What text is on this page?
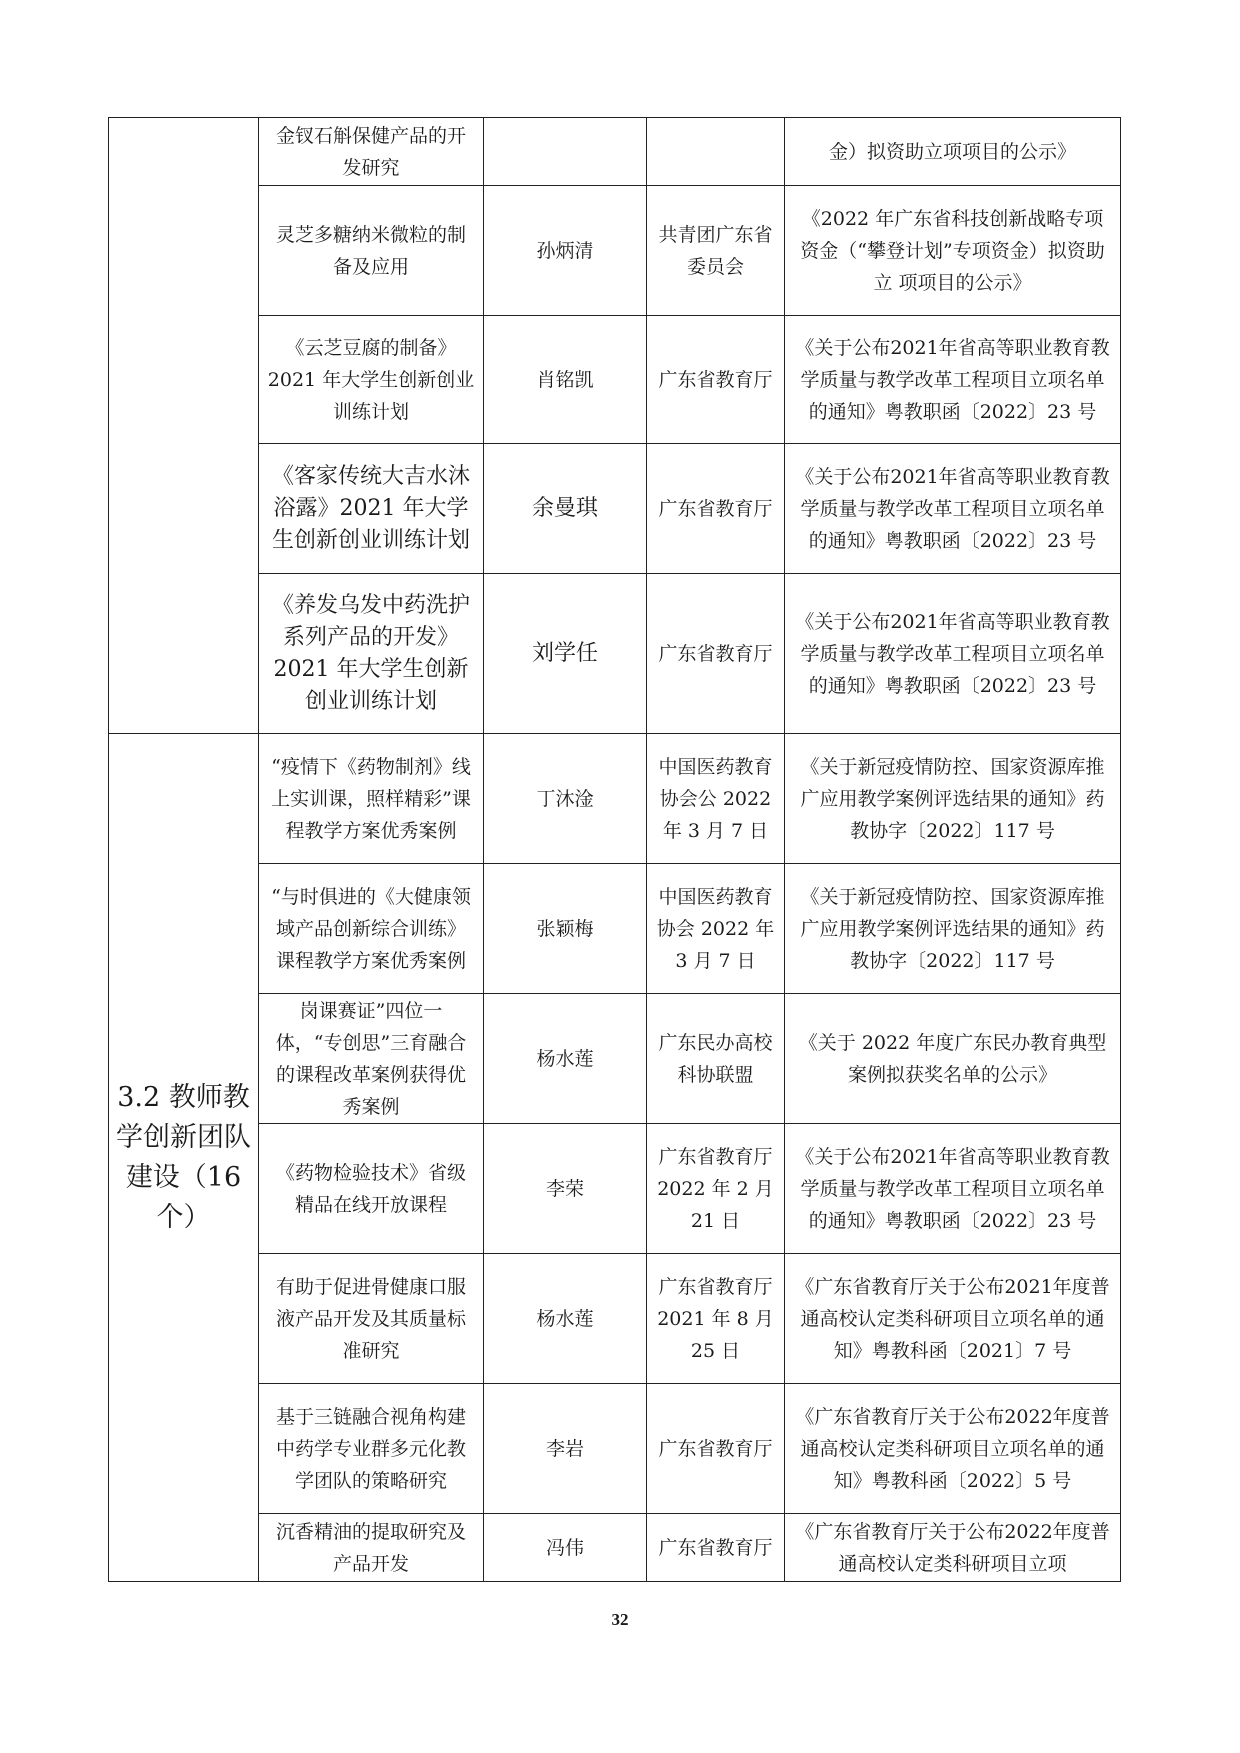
	金钗石斛保健产品的开发研究			金）拟资助立项项目的公示》
	灵芝多糖纳米微粒的制备及应用	孙炳清	共青团广东省委员会	《2022 年广东省科技创新战略专项资金（“攀登计划”专项资金）拟资助立 项项目的公示》
	《云芝豆腐的制备》2021 年大学生创新创业训练计划	肖铭凯	广东省教育厅	《关于公布2021年省高等职业教育教学质量与教学改革工程项目立项名单的通知》粤教职函〔2022〕23 号
	《客家传统大吉水沐浴露》2021 年大学生创新创业训练计划	余曼琪	广东省教育厅	《关于公布2021年省高等职业教育教学质量与教学改革工程项目立项名单的通知》粤教职函〔2022〕23 号
	《养发乌发中药洗护系列产品的开发》2021 年大学生创新创业训练计划	刘学任	广东省教育厅	《关于公布2021年省高等职业教育教学质量与教学改革工程项目立项名单的通知》粤教职函〔2022〕23 号
3.2 教师教学创新团队建设（16个）	“疫情下《药物制剂》线上实训课，照样精彩”课程教学方案优秀案例	丁沐淦	中国医药教育协会公 2022 年 3 月 7 日	《关于新冠疫情防控、国家资源库推广应用教学案例评选结果的通知》药教协字〔2022〕117 号
	“与时俱进的《大健康领域产品创新综合训练》课程教学方案优秀案例	张颖梅	中国医药教育协会 2022 年 3 月 7 日	《关于新冠疫情防控、国家资源库推广应用教学案例评选结果的通知》药教协字〔2022〕117 号
	岗课赛证”四位一体，“专创思”三育融合的课程改革案例获得优秀案例	杨水莲	广东民办高校科协联盟	《关于 2022 年度广东民办教育典型案例拟获奖名单的公示》
	《药物检验技术》省级精品在线开放课程	李荣	广东省教育厅 2022 年 2 月 21 日	《关于公布2021年省高等职业教育教学质量与教学改革工程项目立项名单的通知》粤教职函〔2022〕23 号
	有助于促进骨健康口服液产品开发及其质量标准研究	杨水莲	广东省教育厅 2021 年 8 月 25 日	《广东省教育厅关于公布2021年度普通高校认定类科研项目立项名单的通知》粤教科函〔2021〕7 号
	基于三链融合视角构建中药学专业群多元化教学团队的策略研究	李岩	广东省教育厅	《广东省教育厅关于公布2022年度普通高校认定类科研项目立项名单的通知》粤教科函〔2022〕5 号
	沉香精油的提取研究及产品开发	冯伟	广东省教育厅	《广东省教育厅关于公布2022年度普通高校认定类科研项目立项
32
